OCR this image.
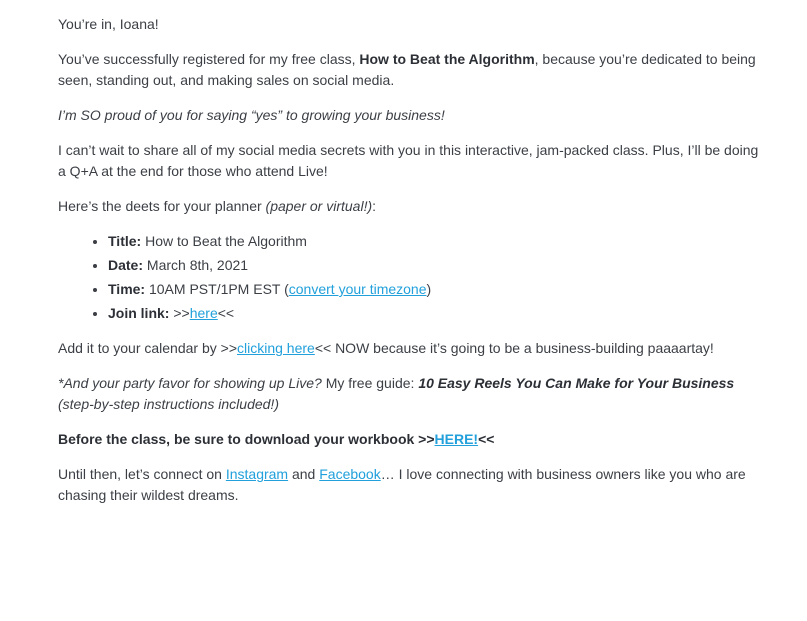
You’re in, Ioana!

You’ve successfully registered for my free class, How to Beat the Algorithm, because you’re dedicated to being seen, standing out, and making sales on social media.

I’m SO proud of you for saying “yes” to growing your business!

I can’t wait to share all of my social media secrets with you in this interactive, jam-packed class. Plus, I’ll be doing a Q+A at the end for those who attend Live!

Here’s the deets for your planner (paper or virtual!):

• Title: How to Beat the Algorithm
• Date: March 8th, 2021
• Time: 10AM PST/1PM EST (convert your timezone)
• Join link: >>here<<

Add it to your calendar by >>clicking here<< NOW because it’s going to be a business-building paaaartay!

*And your party favor for showing up Live? My free guide: 10 Easy Reels You Can Make for Your Business (step-by-step instructions included!)

Before the class, be sure to download your workbook >>HERE!<<

Until then, let’s connect on Instagram and Facebook… I love connecting with business owners like you who are chasing their wildest dreams.
